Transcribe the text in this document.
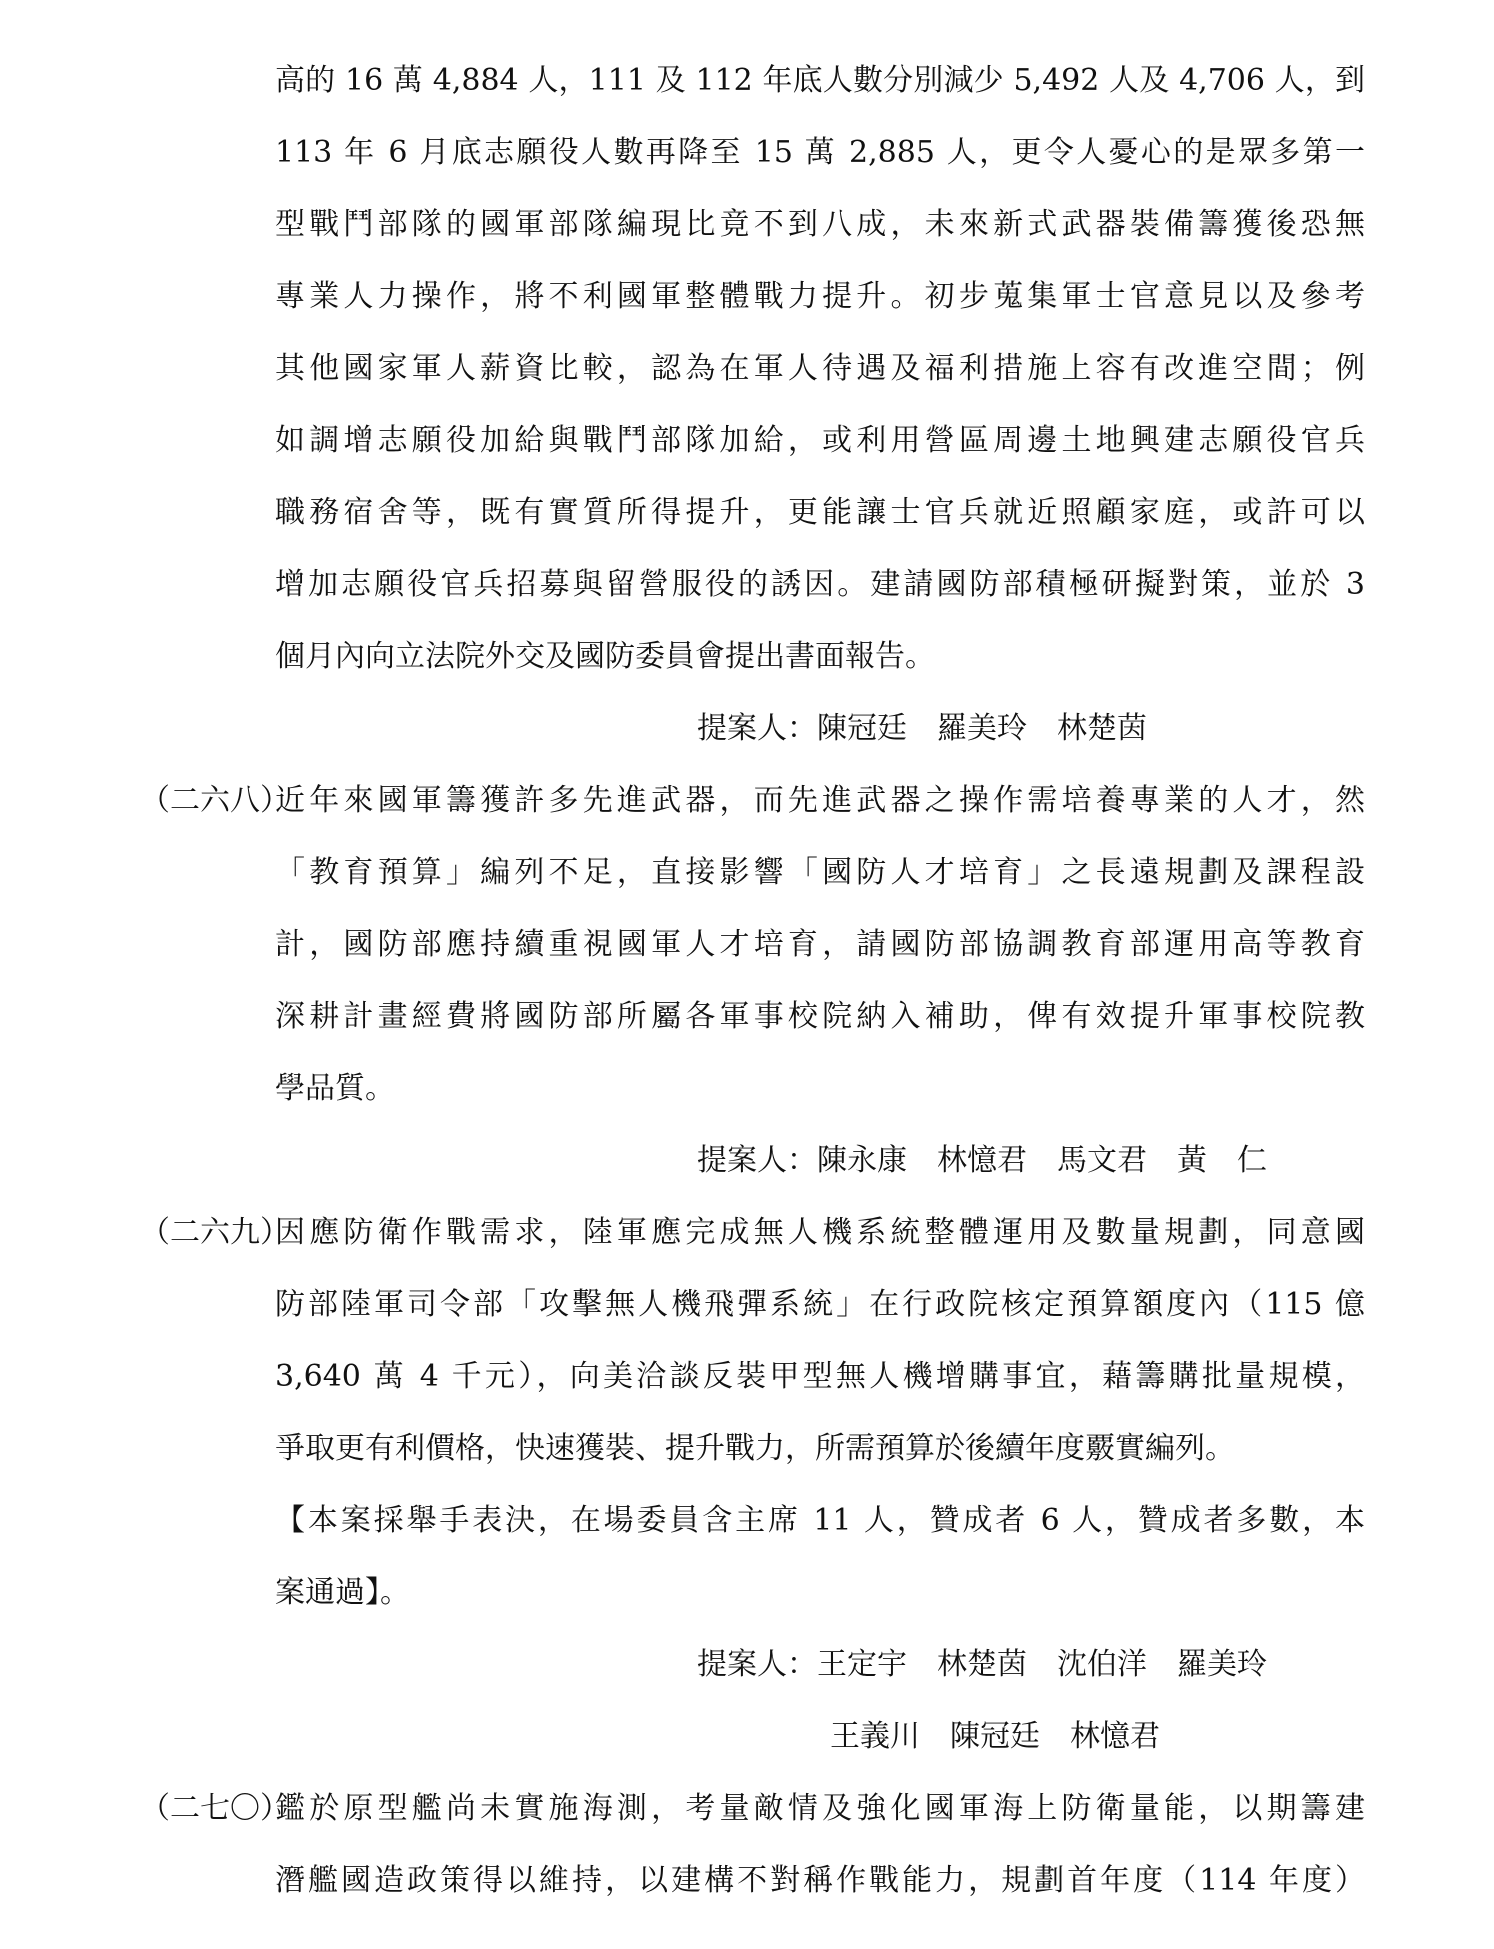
高的 16 萬 4,884 人，111 及 112 年底人數分別減少 5,492 人及 4,706 人，到
113 年 6 月底志願役人數再降至 15 萬 2,885 人，更令人憂心的是眾多第一
型戰鬥部隊的國軍部隊編現比竟不到八成，未來新式武器裝備籌獲後恐無
專業人力操作，將不利國軍整體戰力提升。初步蒐集軍士官意見以及參考
其他國家軍人薪資比較，認為在軍人待遇及福利措施上容有改進空間；例
如調增志願役加給與戰鬥部隊加給，或利用營區周邊土地興建志願役官兵
職務宿舍等，既有實質所得提升，更能讓士官兵就近照顧家庭，或許可以
增加志願役官兵招募與留營服役的誘因。建請國防部積極研擬對策，並於 3
個月內向立法院外交及國防委員會提出書面報告。
提案人：陳冠廷　羅美玲　林楚茵
（二六八）
近年來國軍籌獲許多先進武器，而先進武器之操作需培養專業的人才，然
「教育預算」編列不足，直接影響「國防人才培育」之長遠規劃及課程設
計，國防部應持續重視國軍人才培育，請國防部協調教育部運用高等教育
深耕計畫經費將國防部所屬各軍事校院納入補助，俾有效提升軍事校院教
學品質。
提案人：陳永康　林憶君　馬文君　黃　仁
（二六九）
因應防衛作戰需求，陸軍應完成無人機系統整體運用及數量規劃，同意國
防部陸軍司令部「攻擊無人機飛彈系統」在行政院核定預算額度內（115 億
3,640 萬 4 千元），向美洽談反裝甲型無人機增購事宜，藉籌購批量規模，
爭取更有利價格，快速獲裝、提升戰力，所需預算於後續年度覈實編列。
【本案採舉手表決，在場委員含主席 11 人，贊成者 6 人，贊成者多數，本
案通過】。
提案人：王定宇　林楚茵　沈伯洋　羅美玲
王義川　陳冠廷　林憶君
（二七〇）
鑑於原型艦尚未實施海測，考量敵情及強化國軍海上防衛量能，以期籌建
潛艦國造政策得以維持，以建構不對稱作戰能力，規劃首年度（114 年度）
